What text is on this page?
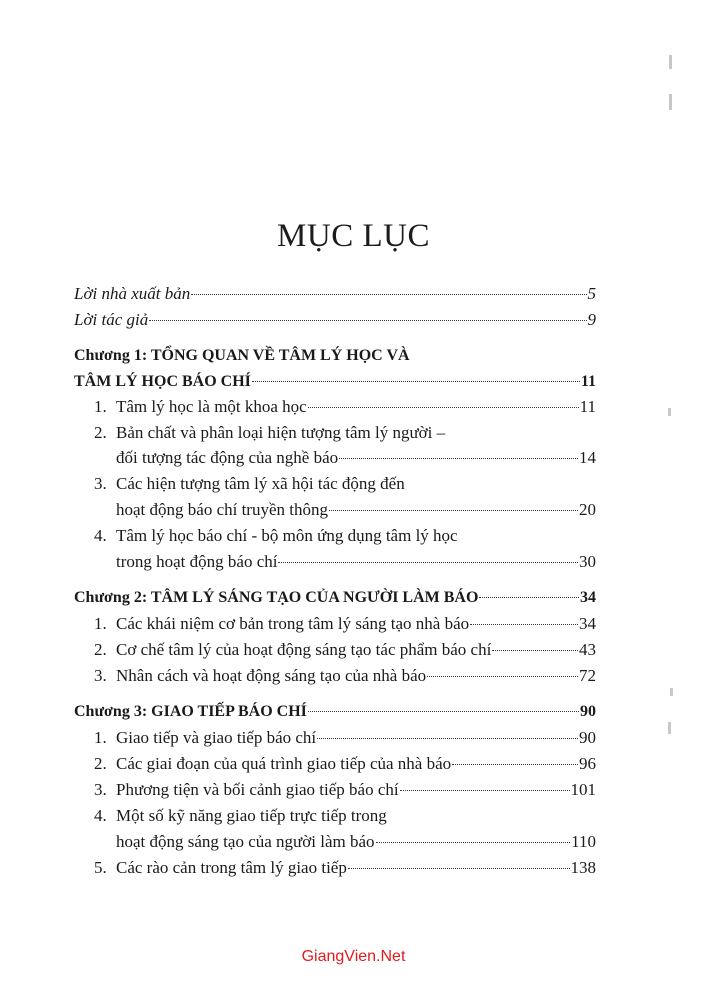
MỤC LỤC
Lời nhà xuất bản	5
Lời tác giả	9
Chương 1: TỔNG QUAN VỀ TÂM LÝ HỌC VÀ
TÂM LÝ HỌC BÁO CHÍ	11
1. Tâm lý học là một khoa học	11
2. Bản chất và phân loại hiện tượng tâm lý người –
đối tượng tác động của nghề báo	14
3. Các hiện tượng tâm lý xã hội tác động đến
hoạt động báo chí truyền thông	20
4. Tâm lý học báo chí - bộ môn ứng dụng tâm lý học
trong hoạt động báo chí	30
Chương 2: TÂM LÝ SÁNG TẠO CỦA NGƯỜI LÀM BÁO	34
1. Các khái niệm cơ bản trong tâm lý sáng tạo nhà báo	34
2. Cơ chế tâm lý của hoạt động sáng tạo tác phẩm báo chí	43
3. Nhân cách và hoạt động sáng tạo của nhà báo	72
Chương 3: GIAO TIẾP BÁO CHÍ	90
1. Giao tiếp và giao tiếp báo chí	90
2. Các giai đoạn của quá trình giao tiếp của nhà báo	96
3. Phương tiện và bối cảnh giao tiếp báo chí	101
4. Một số kỹ năng giao tiếp trực tiếp trong
hoạt động sáng tạo của người làm báo	110
5. Các rào cản trong tâm lý giao tiếp	138
GiangVien.Net
